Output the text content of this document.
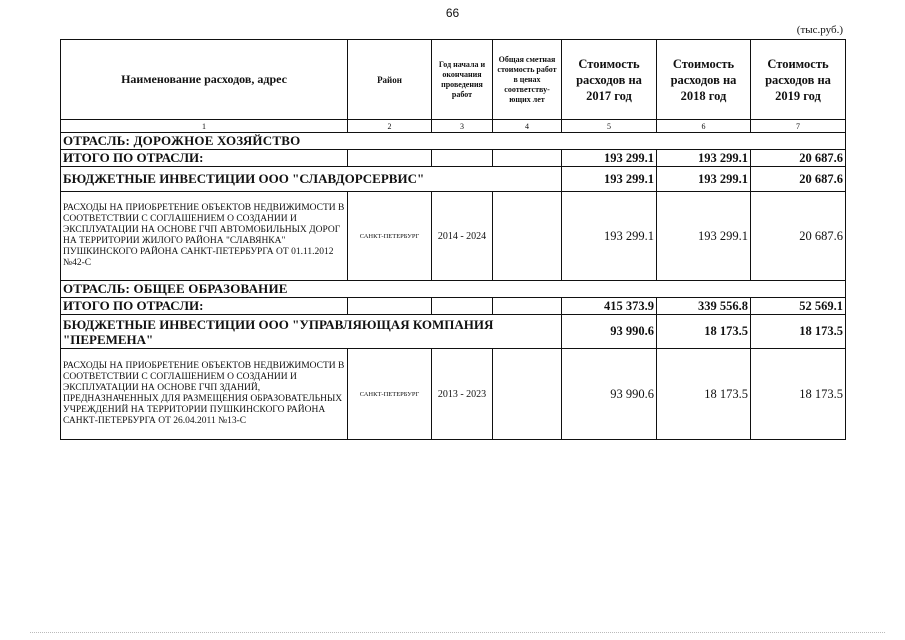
66
(тыс.руб.)
Наименование расходов, адрес	Район	Год начала и окончания проведения работ	Общая сметная стоимость работ в ценах соответству-ющих лет	Стоимость расходов на 2017 год	Стоимость расходов на 2018 год	Стоимость расходов на 2019 год
1	2	3	4	5	6	7
ОТРАСЛЬ: ДОРОЖНОЕ ХОЗЯЙСТВО						
ИТОГО ПО ОТРАСЛИ:				193 299.1	193 299.1	20 687.6
БЮДЖЕТНЫЕ ИНВЕСТИЦИИ ООО "СЛАВДОРСЕРВИС"				193 299.1	193 299.1	20 687.6
РАСХОДЫ НА ПРИОБРЕТЕНИЕ ОБЪЕКТОВ НЕДВИЖИМОСТИ В СООТВЕТСТВИИ С СОГЛАШЕНИЕМ О СОЗДАНИИ И ЭКСПЛУАТАЦИИ НА ОСНОВЕ ГЧП АВТОМОБИЛЬНЫХ ДОРОГ НА ТЕРРИТОРИИ ЖИЛОГО РАЙОНА "СЛАВЯНКА" ПУШКИНСКОГО РАЙОНА САНКТ-ПЕТЕРБУРГА ОТ 01.11.2012 №42-С	САНКТ-ПЕТЕРБУРГ	2014 - 2024		193 299.1	193 299.1	20 687.6
ОТРАСЛЬ: ОБЩЕЕ ОБРАЗОВАНИЕ						
ИТОГО ПО ОТРАСЛИ:				415 373.9	339 556.8	52 569.1
БЮДЖЕТНЫЕ ИНВЕСТИЦИИ ООО "УПРАВЛЯЮЩАЯ КОМПАНИЯ "ПЕРЕМЕНА"				93 990.6	18 173.5	18 173.5
РАСХОДЫ НА ПРИОБРЕТЕНИЕ ОБЪЕКТОВ НЕДВИЖИМОСТИ В СООТВЕТСТВИИ С СОГЛАШЕНИЕМ О СОЗДАНИИ И ЭКСПЛУАТАЦИИ НА ОСНОВЕ ГЧП ЗДАНИЙ, ПРЕДНАЗНАЧЕННЫХ ДЛЯ РАЗМЕЩЕНИЯ ОБРАЗОВАТЕЛЬНЫХ УЧРЕЖДЕНИЙ НА ТЕРРИТОРИИ ПУШКИНСКОГО РАЙОНА САНКТ-ПЕТЕРБУРГА ОТ 26.04.2011 №13-С	САНКТ-ПЕТЕРБУРГ	2013 - 2023		93 990.6	18 173.5	18 173.5
